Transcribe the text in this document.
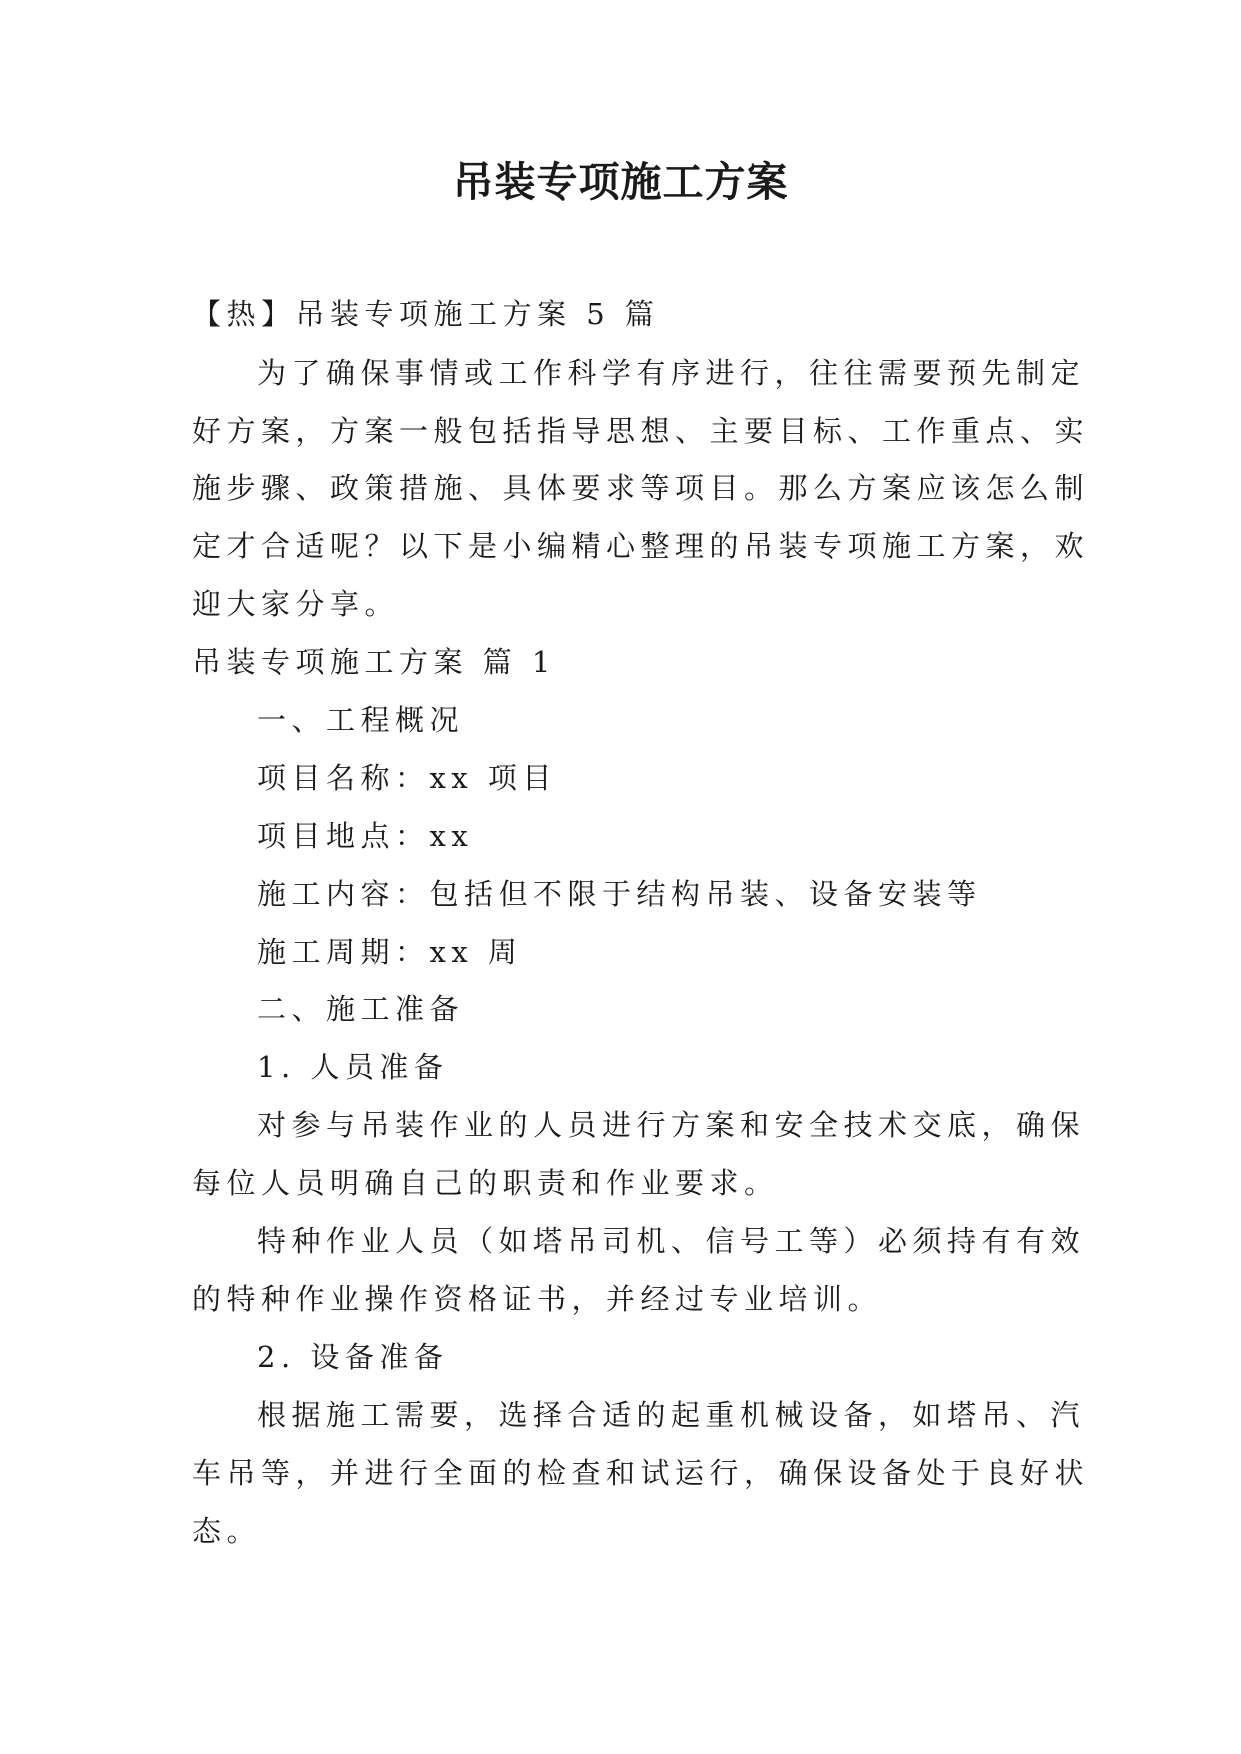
吊装专项施工方案
【热】吊装专项施工方案 5 篇
为了确保事情或工作科学有序进行，往往需要预先制定
好方案，方案一般包括指导思想、主要目标、工作重点、实
施步骤、政策措施、具体要求等项目。那么方案应该怎么制
定才合适呢？以下是小编精心整理的吊装专项施工方案，欢
迎大家分享。
吊装专项施工方案 篇 1
一、工程概况
项目名称：xx 项目
项目地点：xx
施工内容：包括但不限于结构吊装、设备安装等
施工周期：xx 周
二、施工准备
1. 人员准备
对参与吊装作业的人员进行方案和安全技术交底，确保
每位人员明确自己的职责和作业要求。
特种作业人员（如塔吊司机、信号工等）必须持有有效
的特种作业操作资格证书，并经过专业培训。
2. 设备准备
根据施工需要，选择合适的起重机械设备，如塔吊、汽
车吊等，并进行全面的检查和试运行，确保设备处于良好状
态。
